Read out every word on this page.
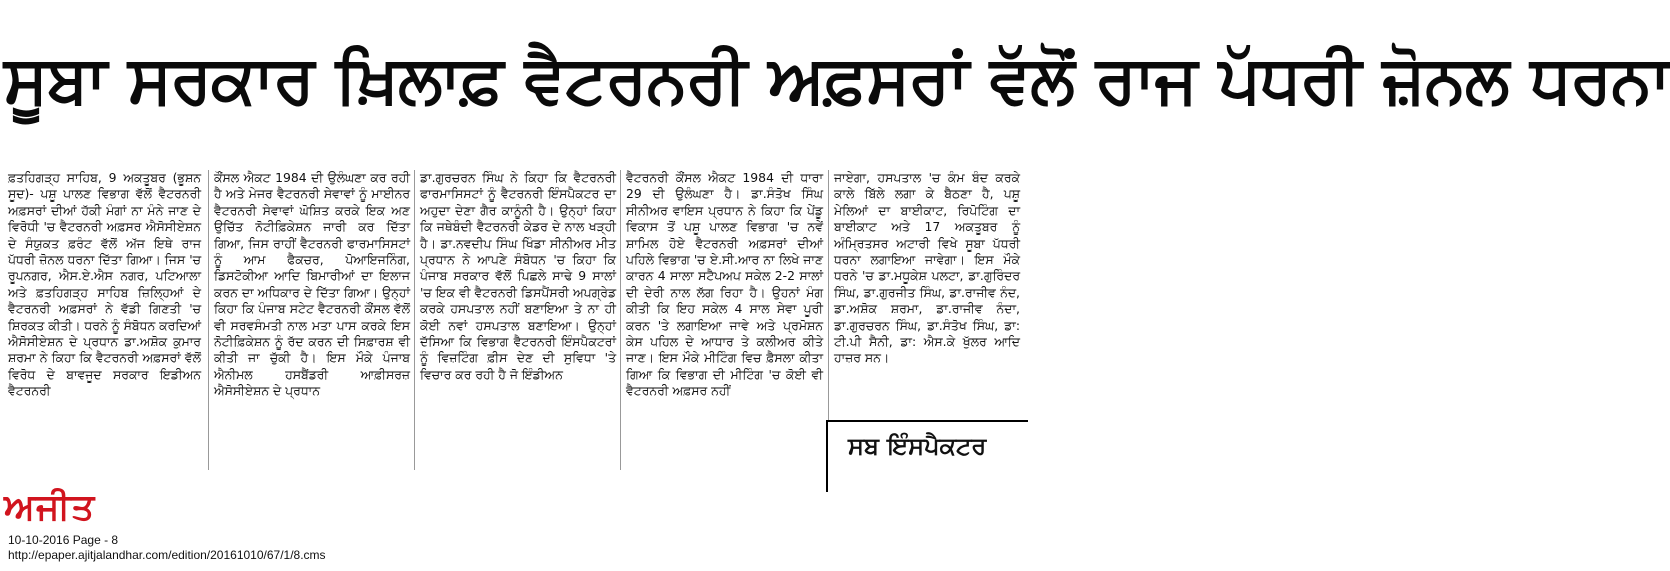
ਸੂਬਾ ਸਰਕਾਰ ਖ਼ਿਲਾਫ਼ ਵੈਟਰਨਰੀ ਅਫ਼ਸਰਾਂ ਵੱਲੋਂ ਰਾਜ ਪੱਧਰੀ ਜ਼ੋਨਲ ਧਰਨਾ

ਫ਼ਤਹਿਗੜ੍ਹ ਸਾਹਿਬ, 9 ਅਕਤੂਬਰ (ਭੂਸ਼ਨ ਸੂਦ)- ਪਸ਼ੂ ਪਾਲਣ ਵਿਭਾਗ ਵੱਲੋਂ ਵੈਟਰਨਰੀ ਅਫ਼ਸਰਾਂ ਦੀਆਂ ਹੱਕੀ ਮੰਗਾਂ ਨਾ ਮੰਨੇ ਜਾਣ ਦੇ ਵਿਰੋਧੀ 'ਚ ਵੈਟਰਨਰੀ ਅਫ਼ਸਰ ਐਸੋਸੀਏਸ਼ਨ ਦੇ ਸੰਯੁਕਤ ਫ਼ਰੰਟ ਵੱਲੋਂ ਅੱਜ ਇਥੇ ਰਾਜ ਪੱਧਰੀ ਜ਼ੋਨਲ ਧਰਨਾ ਦਿੱਤਾ ਗਿਆ। ਜਿਸ 'ਚ ਰੂਪਨਗਰ, ਐਸ.ਏ.ਐਸ ਨਗਰ, ਪਟਿਆਲਾ ਅਤੇ ਫ਼ਤਹਿਗੜ੍ਹ ਸਾਹਿਬ ਜ਼ਿਲ੍ਹਿਆਂ ਦੇ ਵੈਟਰਨਰੀ ਅਫ਼ਸਰਾਂ ਨੇ ਵੱਡੀ ਗਿਣਤੀ 'ਚ ਸ਼ਿਰਕਤ ਕੀਤੀ। ਧਰਨੇ ਨੂੰ ਸੰਬੋਧਨ ਕਰਦਿਆਂ ਐਸੋਸੀਏਸ਼ਨ ਦੇ ਪ੍ਰਧਾਨ ਡਾ.ਅਸ਼ੋਕ ਕੁਮਾਰ ਸ਼ਰਮਾ ਨੇ ਕਿਹਾ ਕਿ ਵੈਟਰਨਰੀ ਅਫ਼ਸਰਾਂ ਵੱਲੋਂ ਵਿਰੋਧ ਦੇ ਬਾਵਜੂਦ ਸਰਕਾਰ ਇਡੀਅਨ ਵੈਟਰਨਰੀ

ਕੌਂਸਲ ਐਕਟ 1984 ਦੀ ਉਲੰਘਣਾ ਕਰ ਰਹੀ ਹੈ ਅਤੇ ਮੇਜਰ ਵੈਟਰਨਰੀ ਸੇਵਾਵਾਂ ਨੂੰ ਮਾਈਨਰ ਵੈਟਰਨਰੀ ਸੇਵਾਵਾਂ ਘੋਸ਼ਿਤ ਕਰਕੇ ਇਕ ਅਣ ਉਚਿੱਤ ਨੋਟੀਫ਼ਿਕੇਸ਼ਨ ਜਾਰੀ ਕਰ ਦਿੱਤਾ ਗਿਆ, ਜਿਸ ਰਾਹੀਂ ਵੈਟਰਨਰੀ ਫਾਰਮਾਸਿਸਟਾਂ ਨੂੰ ਆਮ ਫੈਕਚਰ, ਪੋਆਇਜਨਿੰਗ, ਡਿਸਟੋਕੀਆ ਆਦਿ ਬਿਮਾਰੀਆਂ ਦਾ ਇਲਾਜ ਕਰਨ ਦਾ ਅਧਿਕਾਰ ਦੇ ਦਿੱਤਾ ਗਿਆ। ਉਨ੍ਹਾਂ ਕਿਹਾ ਕਿ ਪੰਜਾਬ ਸਟੇਟ ਵੈਟਰਨਰੀ ਕੌਂਸਲ ਵੱਲੋਂ ਵੀ ਸਰਵਸੰਮਤੀ ਨਾਲ ਮਤਾ ਪਾਸ ਕਰਕੇ ਇਸ ਨੋਟੀਫ਼ਿਕੇਸ਼ਨ ਨੂੰ ਰੱਦ ਕਰਨ ਦੀ ਸਿਫ਼ਾਰਸ਼ ਵੀ ਕੀਤੀ ਜਾ ਚੁੱਕੀ ਹੈ। ਇਸ ਮੌਕੇ ਪੰਜਾਬ ਐਨੀਮਲ ਹਸਬੈਂਡਰੀ ਆਫ਼ੀਸਰਜ਼ ਐਸੋਸੀਏਸ਼ਨ ਦੇ ਪ੍ਰਧਾਨ

ਡਾ.ਗੁਰਚਰਨ ਸਿੰਘ ਨੇ ਕਿਹਾ ਕਿ ਵੈਟਰਨਰੀ ਫਾਰਮਾਸਿਸਟਾਂ ਨੂੰ ਵੈਟਰਨਰੀ ਇੰਸਪੈਕਟਰ ਦਾ ਅਹੁਦਾ ਦੇਣਾ ਗੈਰ ਕਾਨੂੰਨੀ ਹੈ। ਉਨ੍ਹਾਂ ਕਿਹਾ ਕਿ ਜਥੇਬੰਦੀ ਵੈਟਰਨਰੀ ਕੇਡਰ ਦੇ ਨਾਲ ਖੜ੍ਹੀ ਹੈ। ਡਾ.ਨਵਦੀਪ ਸਿੰਘ ਖਿੰਡਾ ਸੀਨੀਅਰ ਮੀਤ ਪ੍ਰਧਾਨ ਨੇ ਆਪਣੇ ਸੰਬੋਧਨ 'ਚ ਕਿਹਾ ਕਿ ਪੰਜਾਬ ਸਰਕਾਰ ਵੱਲੋਂ ਪਿਛਲੇ ਸਾਢੇ 9 ਸਾਲਾਂ 'ਚ ਇਕ ਵੀ ਵੈਟਰਨਰੀ ਡਿਸਪੈਂਸਰੀ ਅਪਗ੍ਰੇਡ ਕਰਕੇ ਹਸਪਤਾਲ ਨਹੀਂ ਬਣਾਇਆ ਤੇ ਨਾ ਹੀ ਕੋਈ ਨਵਾਂ ਹਸਪਤਾਲ ਬਣਾਇਆ। ਉਨ੍ਹਾਂ ਦੱਸਿਆ ਕਿ ਵਿਭਾਗ ਵੈਟਰਨਰੀ ਇੰਸਪੈਕਟਰਾਂ ਨੂੰ ਵਿਜ਼ਟਿੰਗ ਫ਼ੀਸ ਦੇਣ ਦੀ ਸੁਵਿਧਾ 'ਤੇ ਵਿਚਾਰ ਕਰ ਰਹੀ ਹੈ ਜੋ ਇੰਡੀਅਨ

ਵੈਟਰਨਰੀ ਕੌਂਸਲ ਐਕਟ 1984 ਦੀ ਧਾਰਾ 29 ਦੀ ਉਲੰਘਣਾ ਹੈ। ਡਾ.ਸੰਤੋਖ ਸਿੰਘ ਸੀਨੀਅਰ ਵਾਇਸ ਪ੍ਰਧਾਨ ਨੇ ਕਿਹਾ ਕਿ ਪੇਂਡੂ ਵਿਕਾਸ ਤੋਂ ਪਸ਼ੂ ਪਾਲਣ ਵਿਭਾਗ 'ਚ ਨਵੇਂ ਸ਼ਾਮਿਲ ਹੋਏ ਵੈਟਰਨਰੀ ਅਫ਼ਸਰਾਂ ਦੀਆਂ ਪਹਿਲੇ ਵਿਭਾਗ 'ਚ ਏ.ਸੀ.ਆਰ ਨਾ ਲਿਖੇ ਜਾਣ ਕਾਰਨ 4 ਸਾਲਾ ਸਟੈਪਅਪ ਸਕੇਲ 2-2 ਸਾਲਾਂ ਦੀ ਦੇਰੀ ਨਾਲ ਲੱਗ ਰਿਹਾ ਹੈ। ਉਹਨਾਂ ਮੰਗ ਕੀਤੀ ਕਿ ਇਹ ਸਕੇਲ 4 ਸਾਲ ਸੇਵਾ ਪੂਰੀ ਕਰਨ 'ਤੇ ਲਗਾਇਆ ਜਾਵੇ ਅਤੇ ਪ੍ਰਮੋਸ਼ਨ ਕੇਸ ਪਹਿਲ ਦੇ ਆਧਾਰ ਤੇ ਕਲੀਅਰ ਕੀਤੇ ਜਾਣ। ਇਸ ਮੌਕੇ ਮੀਟਿੰਗ ਵਿਚ ਫ਼ੈਸਲਾ ਕੀਤਾ ਗਿਆ ਕਿ ਵਿਭਾਗ ਦੀ ਮੀਟਿੰਗ 'ਚ ਕੋਈ ਵੀ ਵੈਟਰਨਰੀ ਅਫ਼ਸਰ ਨਹੀਂ

ਜਾਏਗਾ, ਹਸਪਤਾਲ 'ਚ ਕੰਮ ਬੰਦ ਕਰਕੇ ਕਾਲੇ ਬਿੱਲੇ ਲਗਾ ਕੇ ਬੈਠਣਾ ਹੈ, ਪਸ਼ੂ ਮੇਲਿਆਂ ਦਾ ਬਾਈਕਾਟ, ਰਿਪੋਟਿੰਗ ਦਾ ਬਾਈਕਾਟ ਅਤੇ 17 ਅਕਤੂਬਰ ਨੂੰ ਅੰਮ੍ਰਿਤਸਰ ਅਟਾਰੀ ਵਿਖੇ ਸੂਬਾ ਪੱਧਰੀ ਧਰਨਾ ਲਗਾਇਆ ਜਾਵੇਗਾ। ਇਸ ਮੌਕੇ ਧਰਨੇ 'ਚ ਡਾ.ਮਧੂਕੇਸ਼ ਪਲਟਾ, ਡਾ.ਗੁਰਿੰਦਰ ਸਿੰਘ, ਡਾ.ਗੁਰਜੀਤ ਸਿੰਘ, ਡਾ.ਰਾਜੀਵ ਨੰਦ, ਡਾ.ਅਸ਼ੋਕ ਸ਼ਰਮਾ, ਡਾ.ਰਾਜੀਵ ਨੰਦਾ, ਡਾ.ਗੁਰਚਰਨ ਸਿੰਘ, ਡਾ.ਸੰਤੋਖ ਸਿੰਘ, ਡਾ: ਟੀ.ਪੀ ਸੈਨੀ, ਡਾ: ਐਸ.ਕੇ ਖੁੱਲਰ ਆਦਿ ਹਾਜ਼ਰ ਸਨ।

ਸਬ ਇੰਸਪੈਕਟਰ
ਅਜੀਤ
10-10-2016 Page - 8
http://epaper.ajitjalandhar.com/edition/20161010/67/1/8.cms
